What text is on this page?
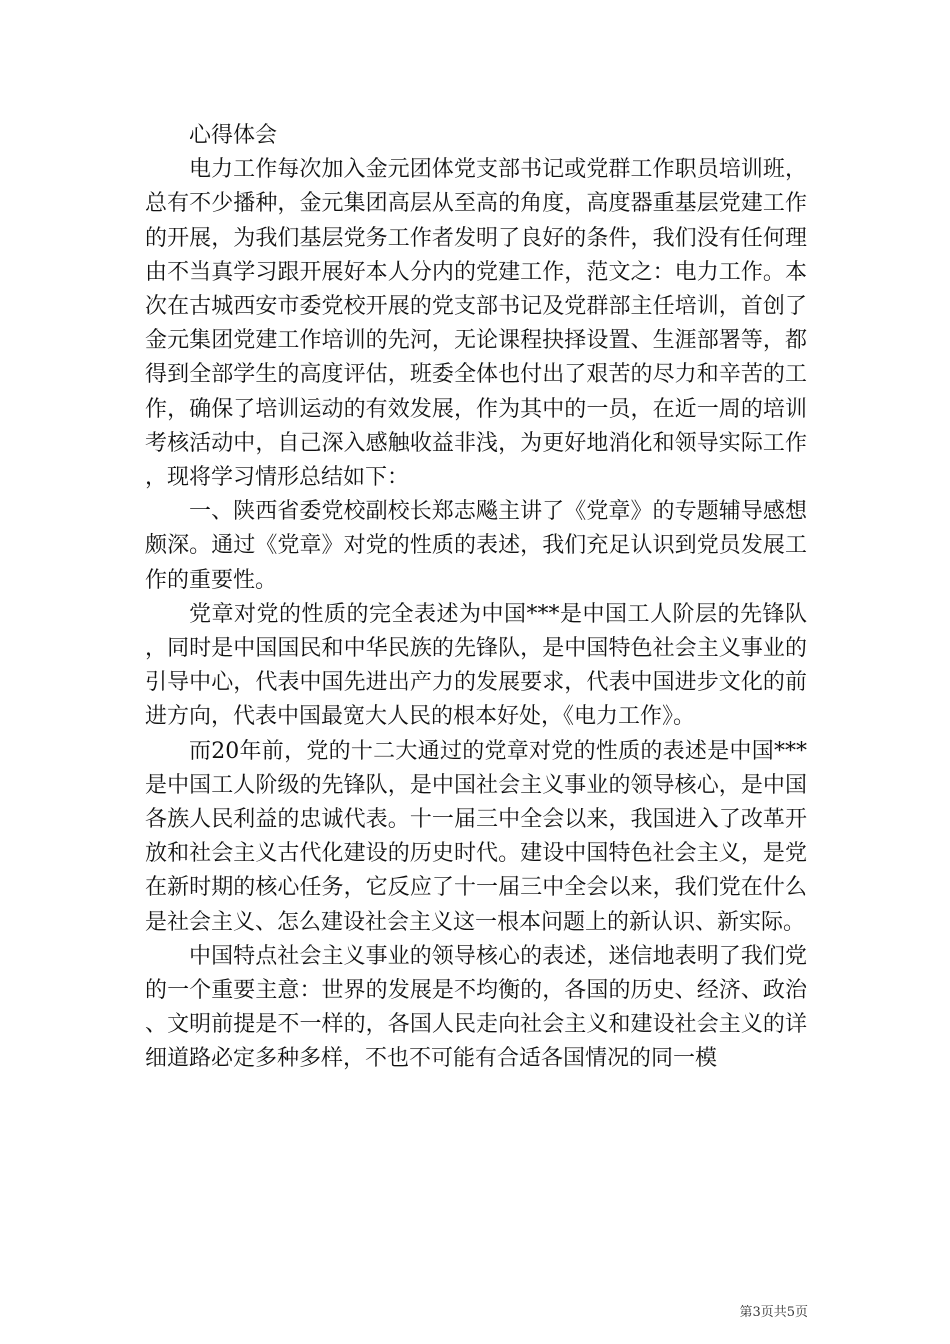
心得体会

电力工作每次加入金元团体党支部书记或党群工作职员培训班，总有不少播种，金元集团高层从至高的角度，高度器重基层党建工作的开展，为我们基层党务工作者发明了良好的条件，我们没有任何理由不当真学习跟开展好本人分内的党建工作，范文之：电力工作。本次在古城西安市委党校开展的党支部书记及党群部主任培训，首创了金元集团党建工作培训的先河，无论课程抉择设置、生涯部署等，都得到全部学生的高度评估，班委全体也付出了艰苦的尽力和辛苦的工作，确保了培训运动的有效发展，作为其中的一员，在近一周的培训考核活动中，自己深入感触收益非浅，为更好地消化和领导实际工作，现将学习情形总结如下：

一、陕西省委党校副校长郑志飚主讲了《党章》的专题辅导感想颇深。通过《党章》对党的性质的表述，我们充足认识到党员发展工作的重要性。

党章对党的性质的完全表述为中国***是中国工人阶层的先锋队，同时是中国国民和中华民族的先锋队，是中国特色社会主义事业的引导中心，代表中国先进出产力的发展要求，代表中国进步文化的前进方向，代表中国最宽大人民的根本好处，《电力工作》。

而20年前，党的十二大通过的党章对党的性质的表述是中国***是中国工人阶级的先锋队，是中国社会主义事业的领导核心，是中国各族人民利益的忠诚代表。十一届三中全会以来，我国进入了改革开放和社会主义古代化建设的历史时代。建设中国特色社会主义，是党在新时期的核心任务，它反应了十一届三中全会以来，我们党在什么是社会主义、怎么建设社会主义这一根本问题上的新认识、新实际。

中国特点社会主义事业的领导核心的表述，迷信地表明了我们党的一个重要主意：世界的发展是不均衡的，各国的历史、经济、政治、文明前提是不一样的，各国人民走向社会主义和建设社会主义的详细道路必定多种多样，不也不可能有合适各国情况的同一模

第3页共5页
